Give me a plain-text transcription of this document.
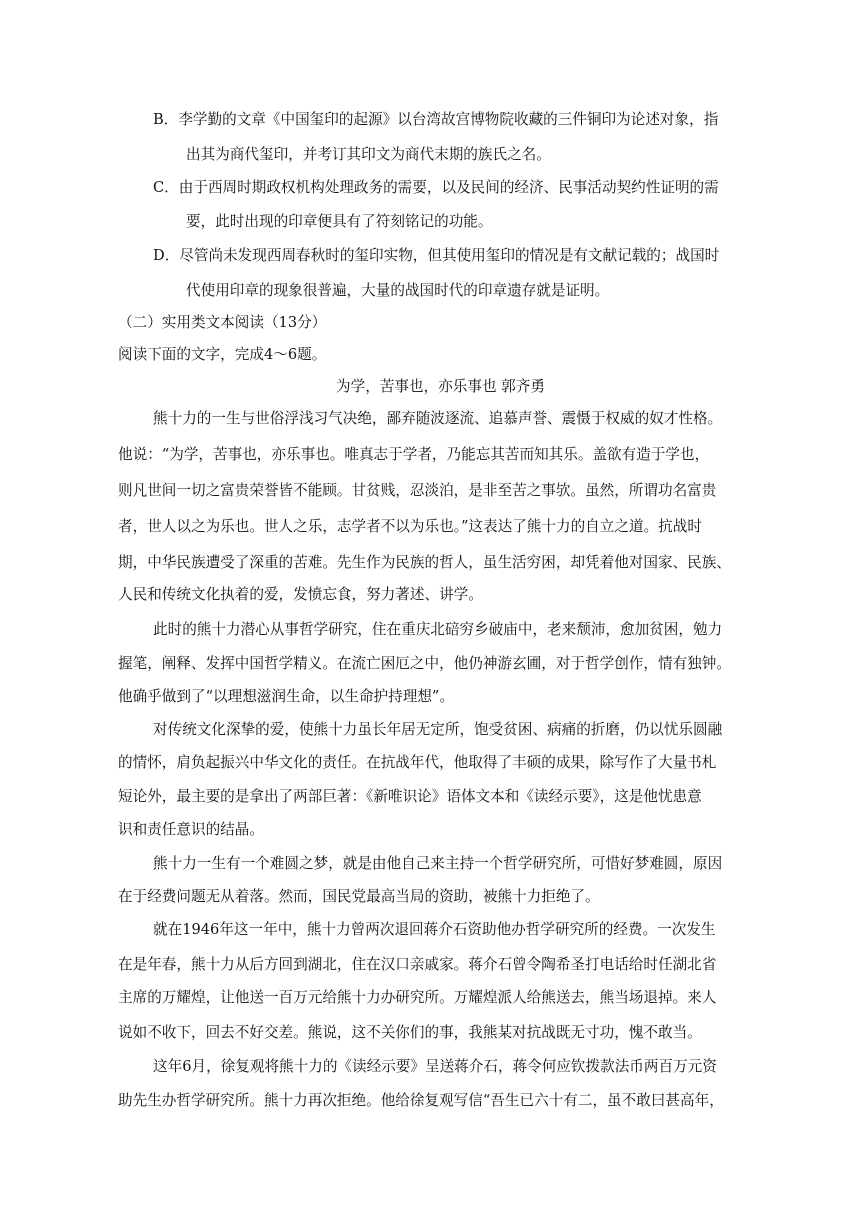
B．李学勤的文章《中国玺印的起源》以台湾故宫博物院收藏的三件铜印为论述对象，指
出其为商代玺印，并考订其印文为商代末期的族氏之名。
C．由于西周时期政权机构处理政务的需要，以及民间的经济、民事活动契约性证明的需
要，此时出现的印章便具有了符刻铭记的功能。
D．尽管尚未发现西周春秋时的玺印实物，但其使用玺印的情况是有文献记载的；战国时
代使用印章的现象很普遍，大量的战国时代的印章遗存就是证明。
（二）实用类文本阅读（13分）
阅读下面的文字，完成4～6题。
为学，苦事也，亦乐事也 郭齐勇
熊十力的一生与世俗浮浅习气决绝，鄙弃随波逐流、追慕声誉、震慑于权威的奴才性格。
他说：“为学，苦事也，亦乐事也。唯真志于学者，乃能忘其苦而知其乐。盖欲有造于学也，
则凡世间一切之富贵荣誉皆不能顾。甘贫贱，忍淡泊，是非至苦之事欤。虽然，所谓功名富贵
者，世人以之为乐也。世人之乐，志学者不以为乐也。”这表达了熊十力的自立之道。抗战时
期，中华民族遭受了深重的苦难。先生作为民族的哲人，虽生活穷困，却凭着他对国家、民族、
人民和传统文化执着的爱，发愤忘食，努力著述、讲学。
此时的熊十力潜心从事哲学研究，住在重庆北碚穷乡破庙中，老来颓沛，愈加贫困，勉力
握笔，阐释、发挥中国哲学精义。在流亡困厄之中，他仍神游玄圃，对于哲学创作，情有独钟。
他确乎做到了“以理想滋润生命，以生命护持理想”。
对传统文化深挚的爱，使熊十力虽长年居无定所，饱受贫困、病痛的折磨，仍以忧乐圆融
的情怀，肩负起振兴中华文化的责任。在抗战年代，他取得了丰硕的成果，除写作了大量书札
短论外，最主要的是拿出了两部巨著：《新唯识论》语体文本和《读经示要》，这是他忧患意
识和责任意识的结晶。
熊十力一生有一个难圆之梦，就是由他自己来主持一个哲学研究所，可惜好梦难圆，原因
在于经费问题无从着落。然而，国民党最高当局的资助，被熊十力拒绝了。
就在1946年这一年中，熊十力曾两次退回蒋介石资助他办哲学研究所的经费。一次发生
在是年春，熊十力从后方回到湖北，住在汉口亲戚家。蒋介石曾令陶希圣打电话给时任湖北省
主席的万耀煌，让他送一百万元给熊十力办研究所。万耀煌派人给熊送去，熊当场退掉。来人
说如不收下，回去不好交差。熊说，这不关你们的事，我熊某对抗战既无寸功，愧不敢当。
这年6月，徐复观将熊十力的《读经示要》呈送蒋介石，蒋令何应钦拨款法币两百万元资
助先生办哲学研究所。熊十力再次拒绝。他给徐复观写信“吾生已六十有二，虽不敢曰甚高年，
